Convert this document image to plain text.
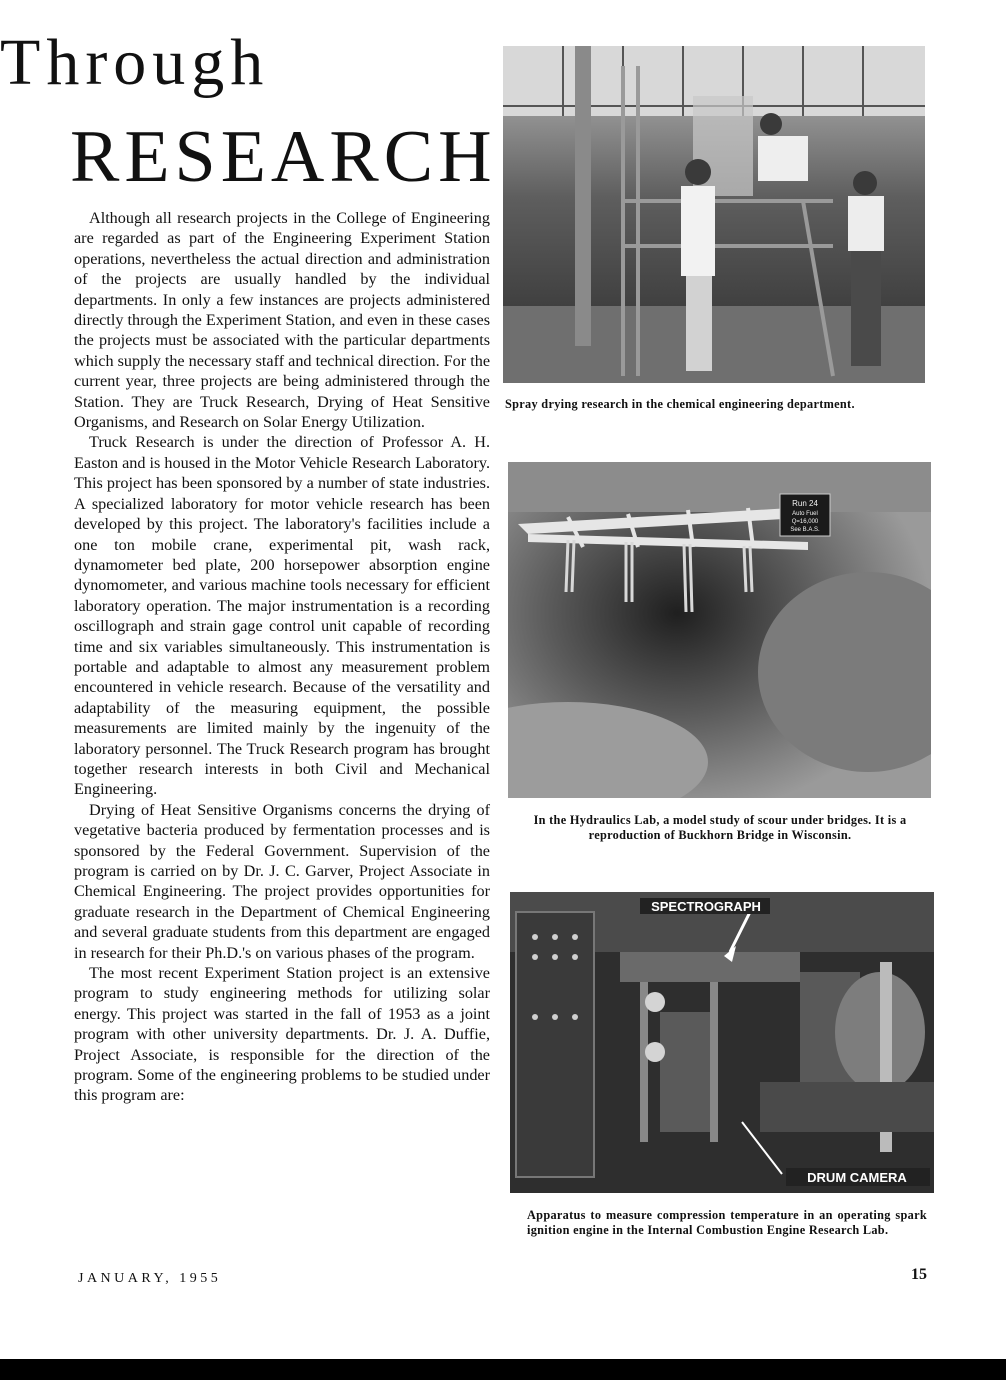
Through
RESEARCH

Although all research projects in the College of Engineering are regarded as part of the Engineering Experiment Station operations, nevertheless the actual direction and administration of the projects are usually handled by the individual departments. In only a few instances are projects administered directly through the Experiment Station, and even in these cases the projects must be associated with the particular departments which supply the necessary staff and technical direction. For the current year, three projects are being administered through the Station. They are Truck Research, Drying of Heat Sensitive Organisms, and Research on Solar Energy Utilization.

Truck Research is under the direction of Professor A. H. Easton and is housed in the Motor Vehicle Research Laboratory. This project has been sponsored by a number of state industries. A specialized laboratory for motor vehicle research has been developed by this project. The laboratory's facilities include a one ton mobile crane, experimental pit, wash rack, dynamometer bed plate, 200 horsepower absorption engine dynomometer, and various machine tools necessary for efficient laboratory operation. The major instrumentation is a recording oscillograph and strain gage control unit capable of recording time and six variables simultaneously. This instrumentation is portable and adaptable to almost any measurement problem encountered in vehicle research. Because of the versatility and adaptability of the measuring equipment, the possible measurements are limited mainly by the ingenuity of the laboratory personnel. The Truck Research program has brought together research interests in both Civil and Mechanical Engineering.

Drying of Heat Sensitive Organisms concerns the drying of vegetative bacteria produced by fermentation processes and is sponsored by the Federal Government. Supervision of the program is carried on by Dr. J. C. Garver, Project Associate in Chemical Engineering. The project provides opportunities for graduate research in the Department of Chemical Engineering and several graduate students from this department are engaged in research for their Ph.D.'s on various phases of the program.

The most recent Experiment Station project is an extensive program to study engineering methods for utilizing solar energy. This project was started in the fall of 1953 as a joint program with other university departments. Dr. J. A. Duffie, Project Associate, is responsible for the direction of the program. Some of the engineering problems to be studied under this program are:

Spray drying research in the chemical engineering department.
Run 24
Auto Fuel
Q=16,000
See B.A.S.
In the Hydraulics Lab, a model study of scour under bridges. It is a reproduction of Buckhorn Bridge in Wisconsin.
SPECTROGRAPH
DRUM CAMERA
Apparatus to measure compression temperature in an operating spark ignition engine in the Internal Combustion Engine Research Lab.
JANUARY, 1955	15
